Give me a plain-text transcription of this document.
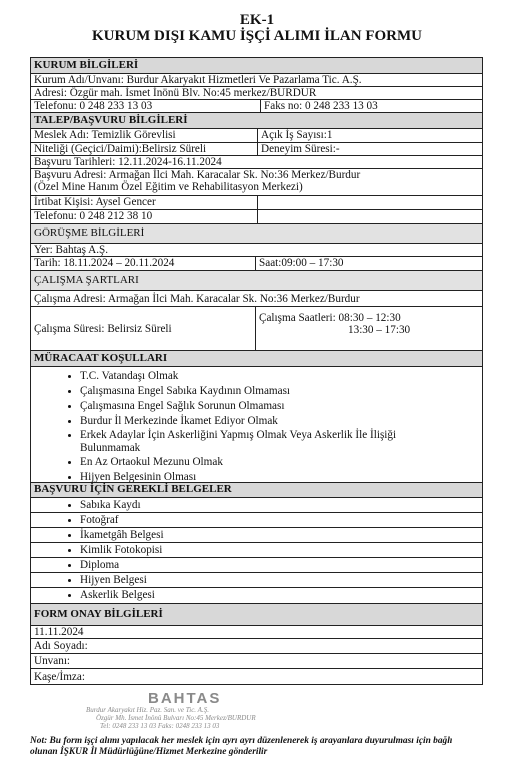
EK-1
KURUM DIŞI KAMU İŞÇİ ALIMI İLAN FORMU
KURUM BİLGİLERİ
Kurum Adı/Unvanı: Burdur Akaryakıt Hizmetleri Ve Pazarlama Tic. A.Ş.
Adresi: Özgür mah. İsmet İnönü Blv. No:45 merkez/BURDUR
Telefonu: 0 248 233 13 03	Faks no: 0 248 233 13 03
TALEP/BAŞVURU BİLGİLERİ
Meslek Adı: Temizlik Görevlisi	Açık İş Sayısı:1
Niteliği (Geçici/Daimi):Belirsiz Süreli	Deneyim Süresi:-
Başvuru Tarihleri: 12.11.2024-16.11.2024
Başvuru Adresi: Armağan İlci Mah. Karacalar Sk. No:36 Merkez/Burdur
(Özel Mine Hanım Özel Eğitim ve Rehabilitasyon Merkezi)
İrtibat Kişisi: Aysel Gencer
Telefonu: 0 248 212 38 10
GÖRÜŞME BİLGİLERİ
Yer: Bahtaş A.Ş.
Tarih: 18.11.2024 – 20.11.2024	Saat:09:00 – 17:30
ÇALIŞMA ŞARTLARI
Çalışma Adresi: Armağan İlci Mah. Karacalar Sk. No:36 Merkez/Burdur
Çalışma Süresi: Belirsiz Süreli
Çalışma Saatleri: 08:30 – 12:30
13:30 – 17:30
MÜRACAAT KOŞULLARI
• T.C. Vatandaşı Olmak
• Çalışmasına Engel Sabıka Kaydının Olmaması
• Çalışmasına Engel Sağlık Sorunun Olmaması
• Burdur İl Merkezinde İkamet Ediyor Olmak
• Erkek Adaylar İçin Askerliğini Yapmış Olmak Veya Askerlik İle İlişiği
Bulunmamak
• En Az Ortaokul Mezunu Olmak
• Hijyen Belgesinin Olması
BAŞVURU İÇİN GEREKLİ BELGELER
• Sabıka Kaydı
• Fotoğraf
• İkametgâh Belgesi
• Kimlik Fotokopisi
• Diploma
• Hijyen Belgesi
• Askerlik Belgesi
FORM ONAY BİLGİLERİ
11.11.2024
Adı Soyadı:
Unvanı:
Kaşe/İmza:
BAHTAS
Burdur Akaryakıt Hiz. Paz. San. ve Tic. A.Ş.
Özgür Mh. İsmet İnönü Bulvarı No:45 Merkez/BURDUR
Tel: 0248 233 13 03 Faks: 0248 233 13 03
Not: Bu form işçi alımı yapılacak her meslek için ayrı ayrı düzenlenerek iş arayanlara duyurulması için bağlı
olunan İŞKUR İl Müdürlüğüne/Hizmet Merkezine gönderilir
